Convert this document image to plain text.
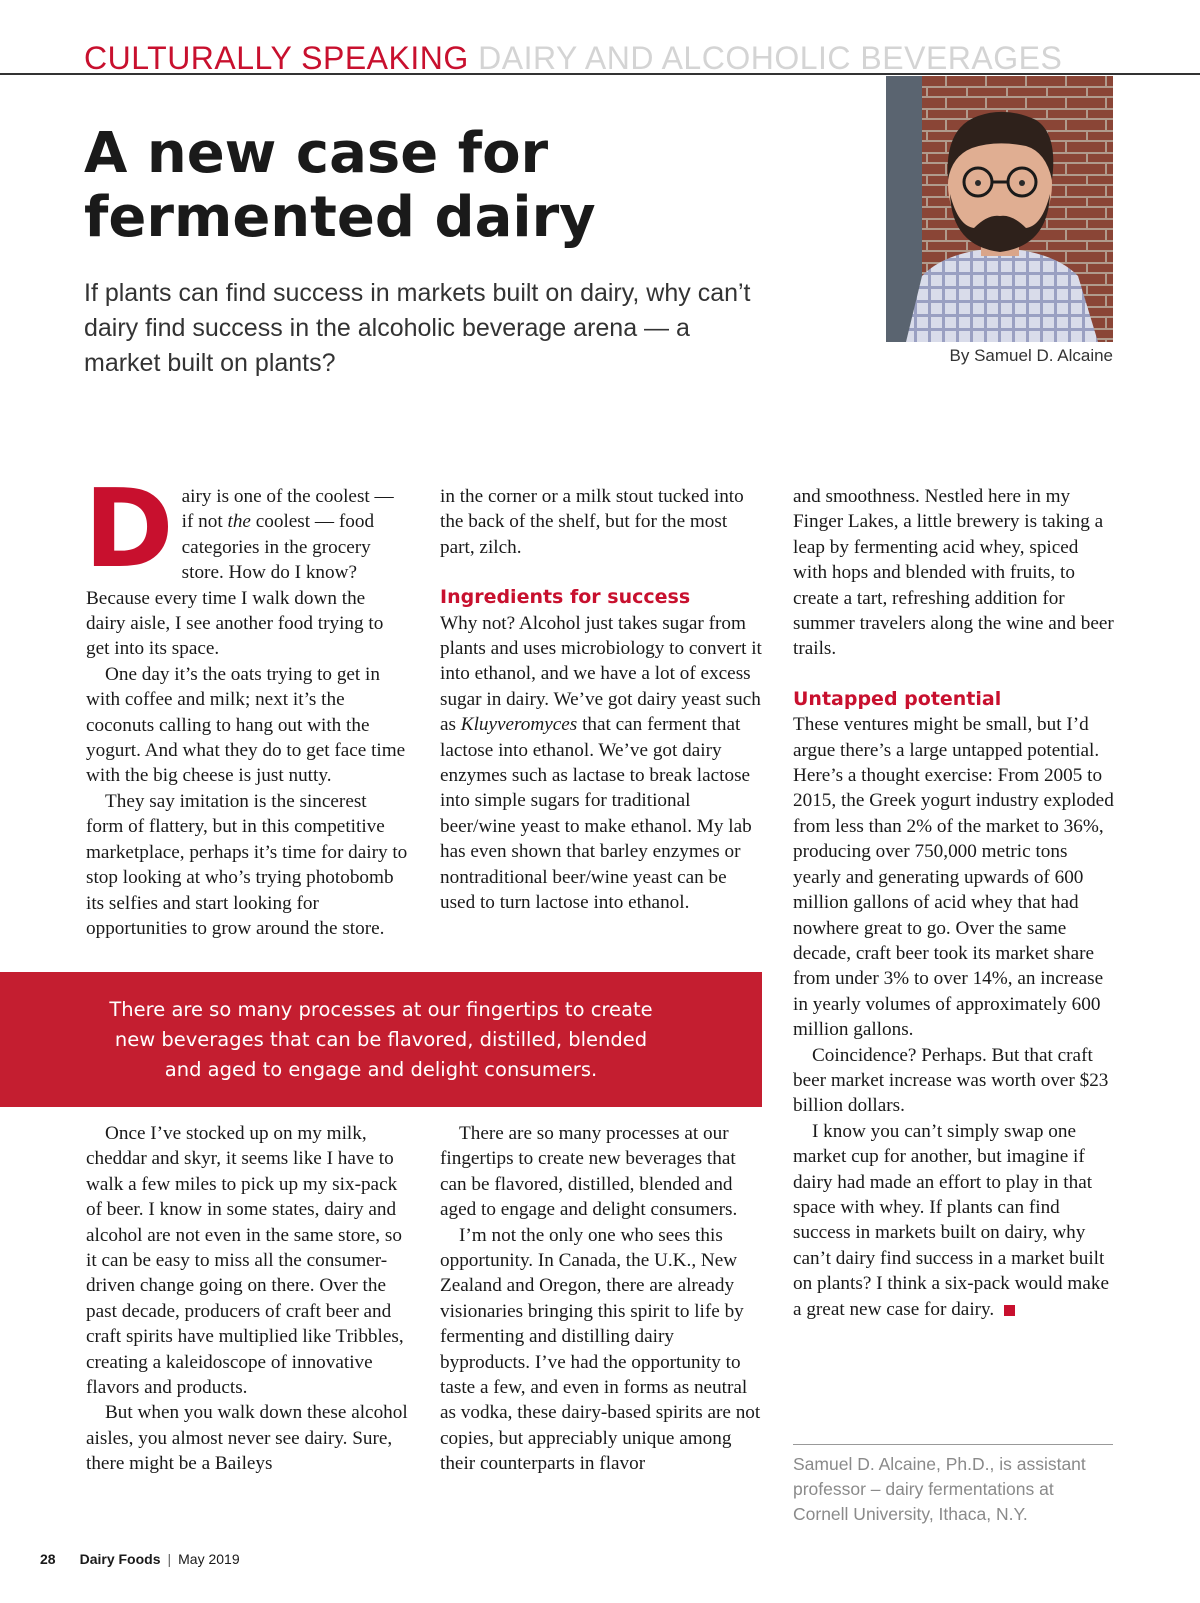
CULTURALLY SPEAKING DAIRY AND ALCOHOLIC BEVERAGES
A new case for fermented dairy
If plants can find success in markets built on dairy, why can’t dairy find success in the alcoholic beverage arena — a market built on plants?	By Samuel D. Alcaine
D airy is one of the coolest — if not the coolest — food categories in the grocery store. How do I know? Because every time I walk down the dairy aisle, I see another food trying to get into its space.

One day it’s the oats trying to get in with coffee and milk; next it’s the coconuts calling to hang out with the yogurt. And what they do to get face time with the big cheese is just nutty.

They say imitation is the sincerest form of flattery, but in this competitive marketplace, perhaps it’s time for dairy to stop looking at who’s trying photobomb its selfies and start looking for opportunities to grow around the store.

in the corner or a milk stout tucked into the back of the shelf, but for the most part, zilch.

Ingredients for success

Why not? Alcohol just takes sugar from plants and uses microbiology to convert it into ethanol, and we have a lot of excess sugar in dairy. We’ve got dairy yeast such as Kluyveromyces that can ferment that lactose into ethanol. We’ve got dairy enzymes such as lactase to break lactose into simple sugars for traditional beer/wine yeast to make ethanol. My lab has even shown that barley enzymes or nontraditional beer/wine yeast can be used to turn lactose into ethanol.

There are so many processes at our fingertips to create new beverages that can be flavored, distilled, blended and aged to engage and delight consumers.

Once I’ve stocked up on my milk, cheddar and skyr, it seems like I have to walk a few miles to pick up my six-pack of beer. I know in some states, dairy and alcohol are not even in the same store, so it can be easy to miss all the consumer-driven change going on there. Over the past decade, producers of craft beer and craft spirits have multiplied like Tribbles, creating a kaleidoscope of innovative flavors and products.

But when you walk down these alcohol aisles, you almost never see dairy. Sure, there might be a Baileys

There are so many processes at our fingertips to create new beverages that can be flavored, distilled, blended and aged to engage and delight consumers.

I’m not the only one who sees this opportunity. In Canada, the U.K., New Zealand and Oregon, there are already visionaries bringing this spirit to life by fermenting and distilling dairy byproducts. I’ve had the opportunity to taste a few, and even in forms as neutral as vodka, these dairy-based spirits are not copies, but appreciably unique among their counterparts in flavor

and smoothness. Nestled here in my Finger Lakes, a little brewery is taking a leap by fermenting acid whey, spiced with hops and blended with fruits, to create a tart, refreshing addition for summer travelers along the wine and beer trails.

Untapped potential

These ventures might be small, but I’d argue there’s a large untapped potential. Here’s a thought exercise: From 2005 to 2015, the Greek yogurt industry exploded from less than 2% of the market to 36%, producing over 750,000 metric tons yearly and generating upwards of 600 million gallons of acid whey that had nowhere great to go. Over the same decade, craft beer took its market share from under 3% to over 14%, an increase in yearly volumes of approximately 600 million gallons.

Coincidence? Perhaps. But that craft beer market increase was worth over $23 billion dollars.

I know you can’t simply swap one market cup for another, but imagine if dairy had made an effort to play in that space with whey. If plants can find success in markets built on dairy, why can’t dairy find success in a market built on plants? I think a six-pack would make a great new case for dairy.

Samuel D. Alcaine, Ph.D., is assistant professor – dairy fermentations at Cornell University, Ithaca, N.Y.
28 Dairy Foods | May 2019
